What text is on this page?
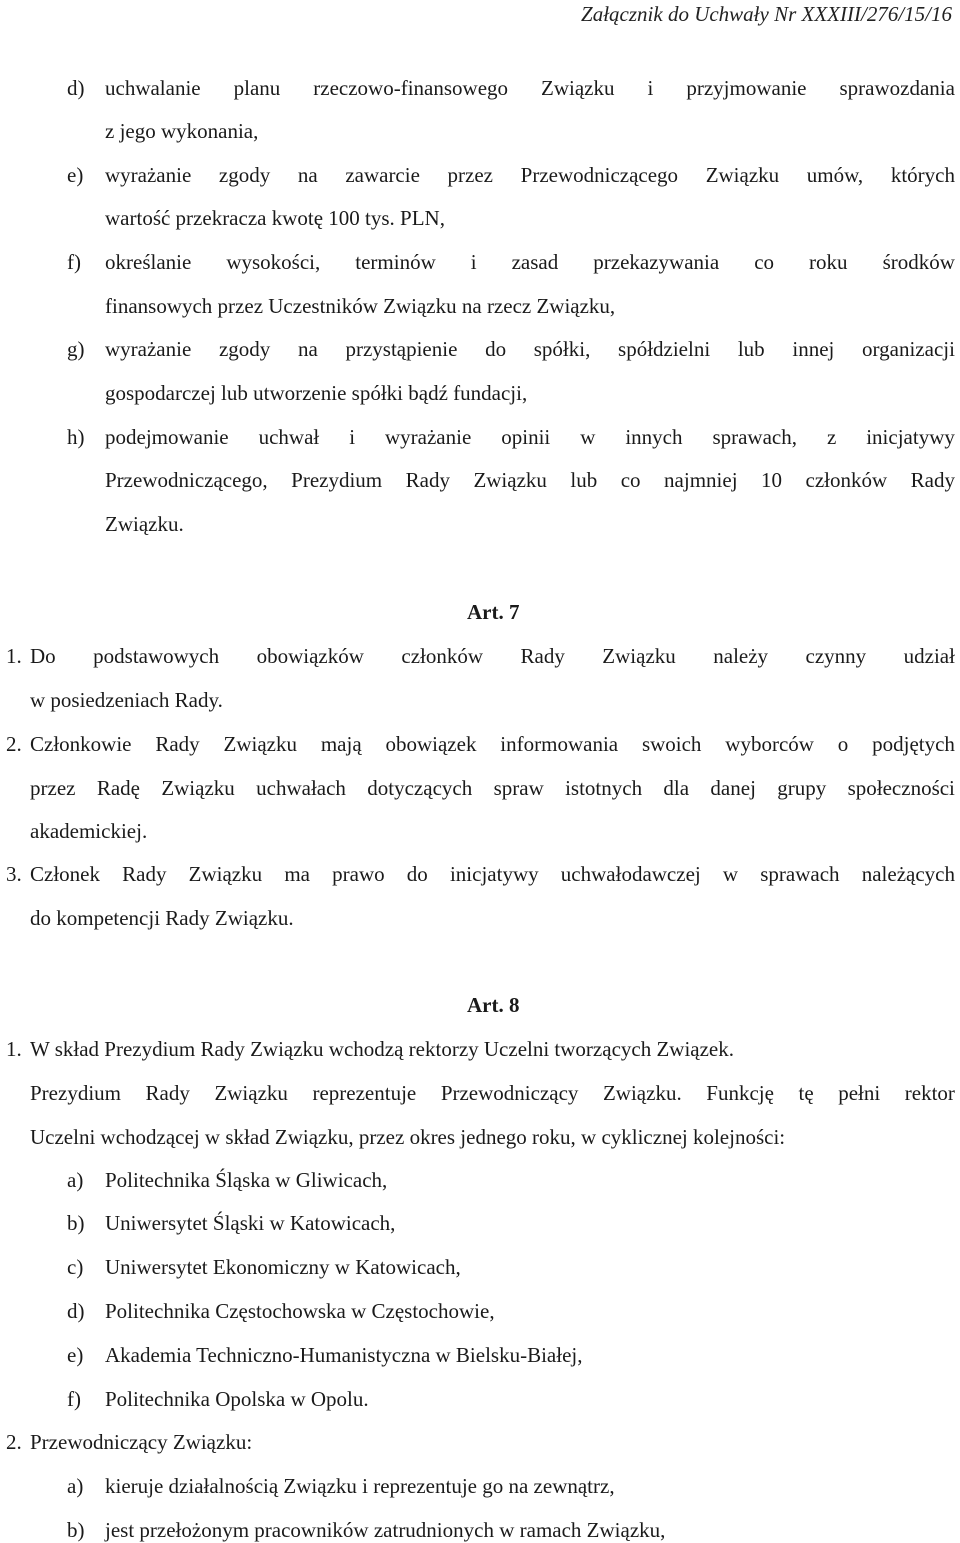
Załącznik do Uchwały Nr XXXIII/276/15/16
d) uchwalanie planu rzeczowo-finansowego Związku i przyjmowanie sprawozdania
z jego wykonania,
e) wyrażanie zgody na zawarcie przez Przewodniczącego Związku umów, których
wartość przekracza kwotę 100 tys. PLN,
f) określanie wysokości, terminów i zasad przekazywania co roku środków
finansowych przez Uczestników Związku na rzecz Związku,
g) wyrażanie zgody na przystąpienie do spółki, spółdzielni lub innej organizacji
gospodarczej lub utworzenie spółki bądź fundacji,
h) podejmowanie uchwał i wyrażanie opinii w innych sprawach, z inicjatywy
Przewodniczącego, Prezydium Rady Związku lub co najmniej 10 członków Rady
Związku.
Art. 7
1. Do podstawowych obowiązków członków Rady Związku należy czynny udział
w posiedzeniach Rady.
2. Członkowie Rady Związku mają obowiązek informowania swoich wyborców o podjętych
przez Radę Związku uchwałach dotyczących spraw istotnych dla danej grupy społeczności
akademickiej.
3. Członek Rady Związku ma prawo do inicjatywy uchwałodawczej w sprawach należących
do kompetencji Rady Związku.
Art. 8
1. W skład Prezydium Rady Związku wchodzą rektorzy Uczelni tworzących Związek.
Prezydium Rady Związku reprezentuje Przewodniczący Związku. Funkcję tę pełni rektor
Uczelni wchodzącej w skład Związku, przez okres jednego roku, w cyklicznej kolejności:
a) Politechnika Śląska w Gliwicach,
b) Uniwersytet Śląski w Katowicach,
c) Uniwersytet Ekonomiczny w Katowicach,
d) Politechnika Częstochowska w Częstochowie,
e) Akademia Techniczno-Humanistyczna w Bielsku-Białej,
f) Politechnika Opolska w Opolu.
2. Przewodniczący Związku:
a) kieruje działalnością Związku i reprezentuje go na zewnątrz,
b) jest przełożonym pracowników zatrudnionych w ramach Związku,
